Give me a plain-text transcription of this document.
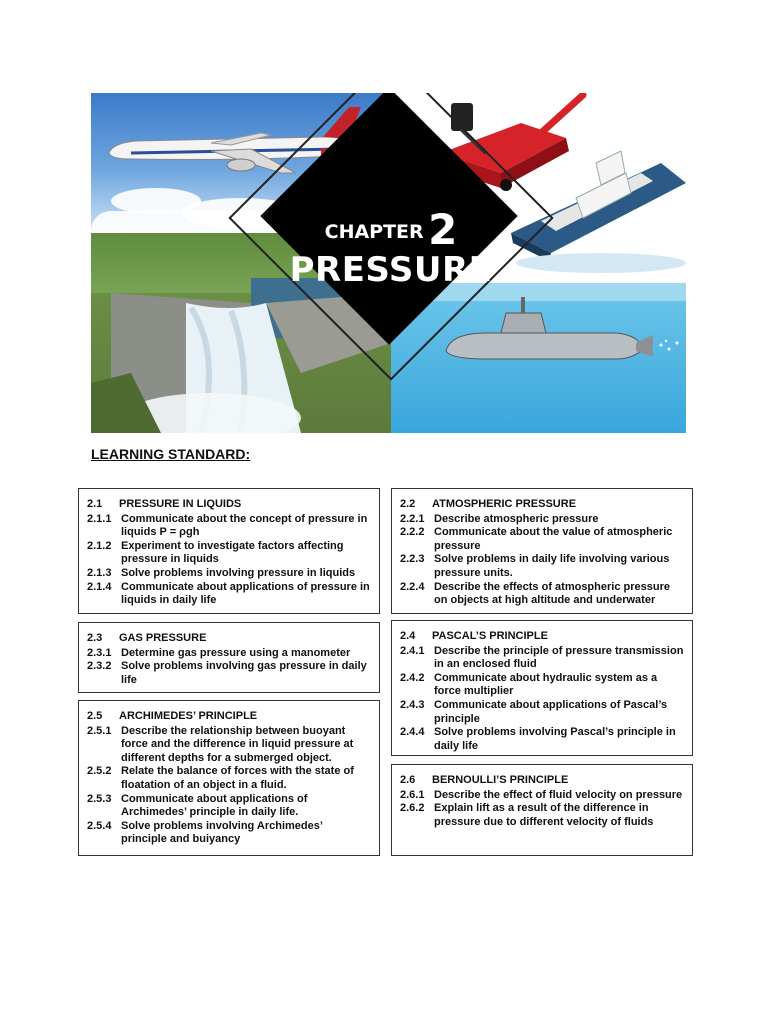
CHAPTER 2
PRESSURE
LEARNING STANDARD:
2.1	PRESSURE IN LIQUIDS
2.1.1 Communicate about the concept of pressure in liquids P = ρgh
2.1.2 Experiment to investigate factors affecting pressure in liquids
2.1.3 Solve problems involving pressure in liquids
2.1.4 Communicate about applications of pressure in liquids in daily life
2.2	ATMOSPHERIC PRESSURE
2.2.1 Describe atmospheric pressure
2.2.2 Communicate about the value of atmospheric pressure
2.2.3 Solve problems in daily life involving various pressure units.
2.2.4 Describe the effects of atmospheric pressure on objects at high altitude and underwater
2.3	GAS PRESSURE
2.3.1 Determine gas pressure using a manometer
2.3.2 Solve problems involving gas pressure in daily life
2.4	PASCAL’S PRINCIPLE
2.4.1 Describe the principle of pressure transmission in an enclosed fluid
2.4.2 Communicate about hydraulic system as a force multiplier
2.4.3 Communicate about applications of Pascal’s principle
2.4.4 Solve problems involving Pascal’s principle in daily life
2.5	ARCHIMEDES’ PRINCIPLE
2.5.1 Describe the relationship between buoyant force and the difference in liquid pressure at different depths for a submerged object.
2.5.2 Relate the balance of forces with the state of floatation of an object in a fluid.
2.5.3 Communicate about applications of Archimedes’ principle in daily life.
2.5.4 Solve problems involving Archimedes’ principle and buiyancy
2.6	BERNOULLI’S PRINCIPLE
2.6.1 Describe the effect of fluid velocity on pressure
2.6.2 Explain lift as a result of the difference in pressure due to different velocity of fluids
